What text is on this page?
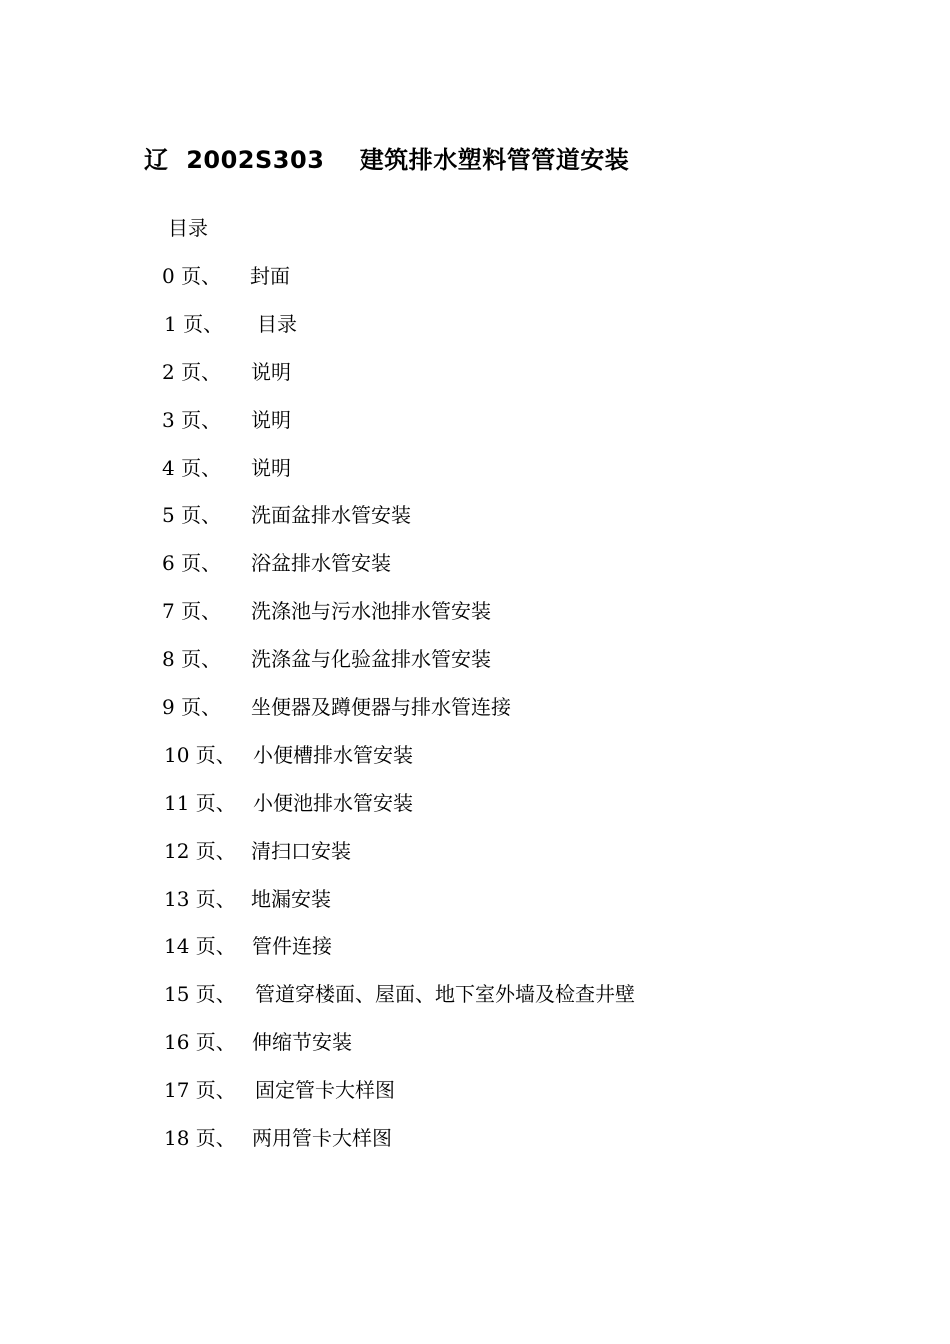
辽  2002S303    建筑排水塑料管管道安装
目录
0 页、 封面
1 页、 目录
2 页、 说明
3 页、 说明
4 页、 说明
5 页、 洗面盆排水管安装
6 页、 浴盆排水管安装
7 页、 洗涤池与污水池排水管安装
8 页、 洗涤盆与化验盆排水管安装
9 页、 坐便器及蹲便器与排水管连接
10 页、 小便槽排水管安装
11 页、 小便池排水管安装
12 页、 清扫口安装
13 页、 地漏安装
14 页、 管件连接
15 页、 管道穿楼面、屋面、地下室外墙及检查井壁
16 页、 伸缩节安装
17 页、 固定管卡大样图
18 页、 两用管卡大样图
